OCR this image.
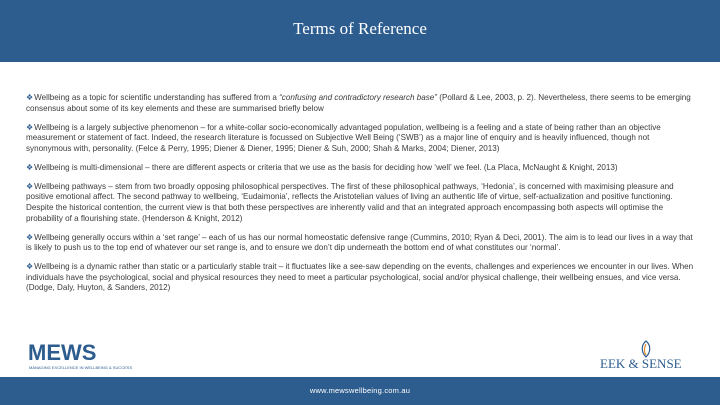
Terms of Reference

❖Wellbeing as a topic for scientific understanding has suffered from a “confusing and contradictory research base” (Pollard & Lee, 2003, p. 2). Nevertheless, there seems to be emerging consensus about some of its key elements and these are summarised briefly below

❖Wellbeing is a largely subjective phenomenon – for a white-collar socio-economically advantaged population, wellbeing is a feeling and a state of being rather than an objective measurement or statement of fact. Indeed, the research literature is focussed on Subjective Well Being (‘SWB’) as a major line of enquiry and is heavily influenced, though not synonymous with, personality. (Felce & Perry, 1995; Diener & Diener, 1995; Diener & Suh, 2000; Shah & Marks, 2004; Diener, 2013)

❖Wellbeing is multi-dimensional – there are different aspects or criteria that we use as the basis for deciding how ‘well’ we feel. (La Placa, McNaught & Knight, 2013)

❖Wellbeing pathways – stem from two broadly opposing philosophical perspectives. The first of these philosophical pathways, ‘Hedonia’, is concerned with maximising pleasure and positive emotional affect. The second pathway to wellbeing, ‘Eudaimonia’, reflects the Aristotelian values of living an authentic life of virtue, self-actualization and positive functioning. Despite the historical contention, the current view is that both these perspectives are inherently valid and that an integrated approach encompassing both aspects will optimise the probability of a flourishing state. (Henderson & Knight, 2012)

❖Wellbeing generally occurs within a ‘set range’ – each of us has our normal homeostatic defensive range (Cummins, 2010; Ryan & Deci, 2001). The aim is to lead our lives in a way that is likely to push us to the top end of whatever our set range is, and to ensure we don’t dip underneath the bottom end of what constitutes our ‘normal’.

❖Wellbeing is a dynamic rather than static or a particularly stable trait – it fluctuates like a see-saw depending on the events, challenges and experiences we encounter in our lives. When individuals have the psychological, social and physical resources they need to meet a particular psychological, social and/or physical challenge, their wellbeing ensues, and vice versa. (Dodge, Daly, Huyton, & Sanders, 2012)

MEWS
MANAGING EXCELLENCE IN WELLBEING & SUCCESS	EEK & SENSE
www.mewswellbeing.com.au
